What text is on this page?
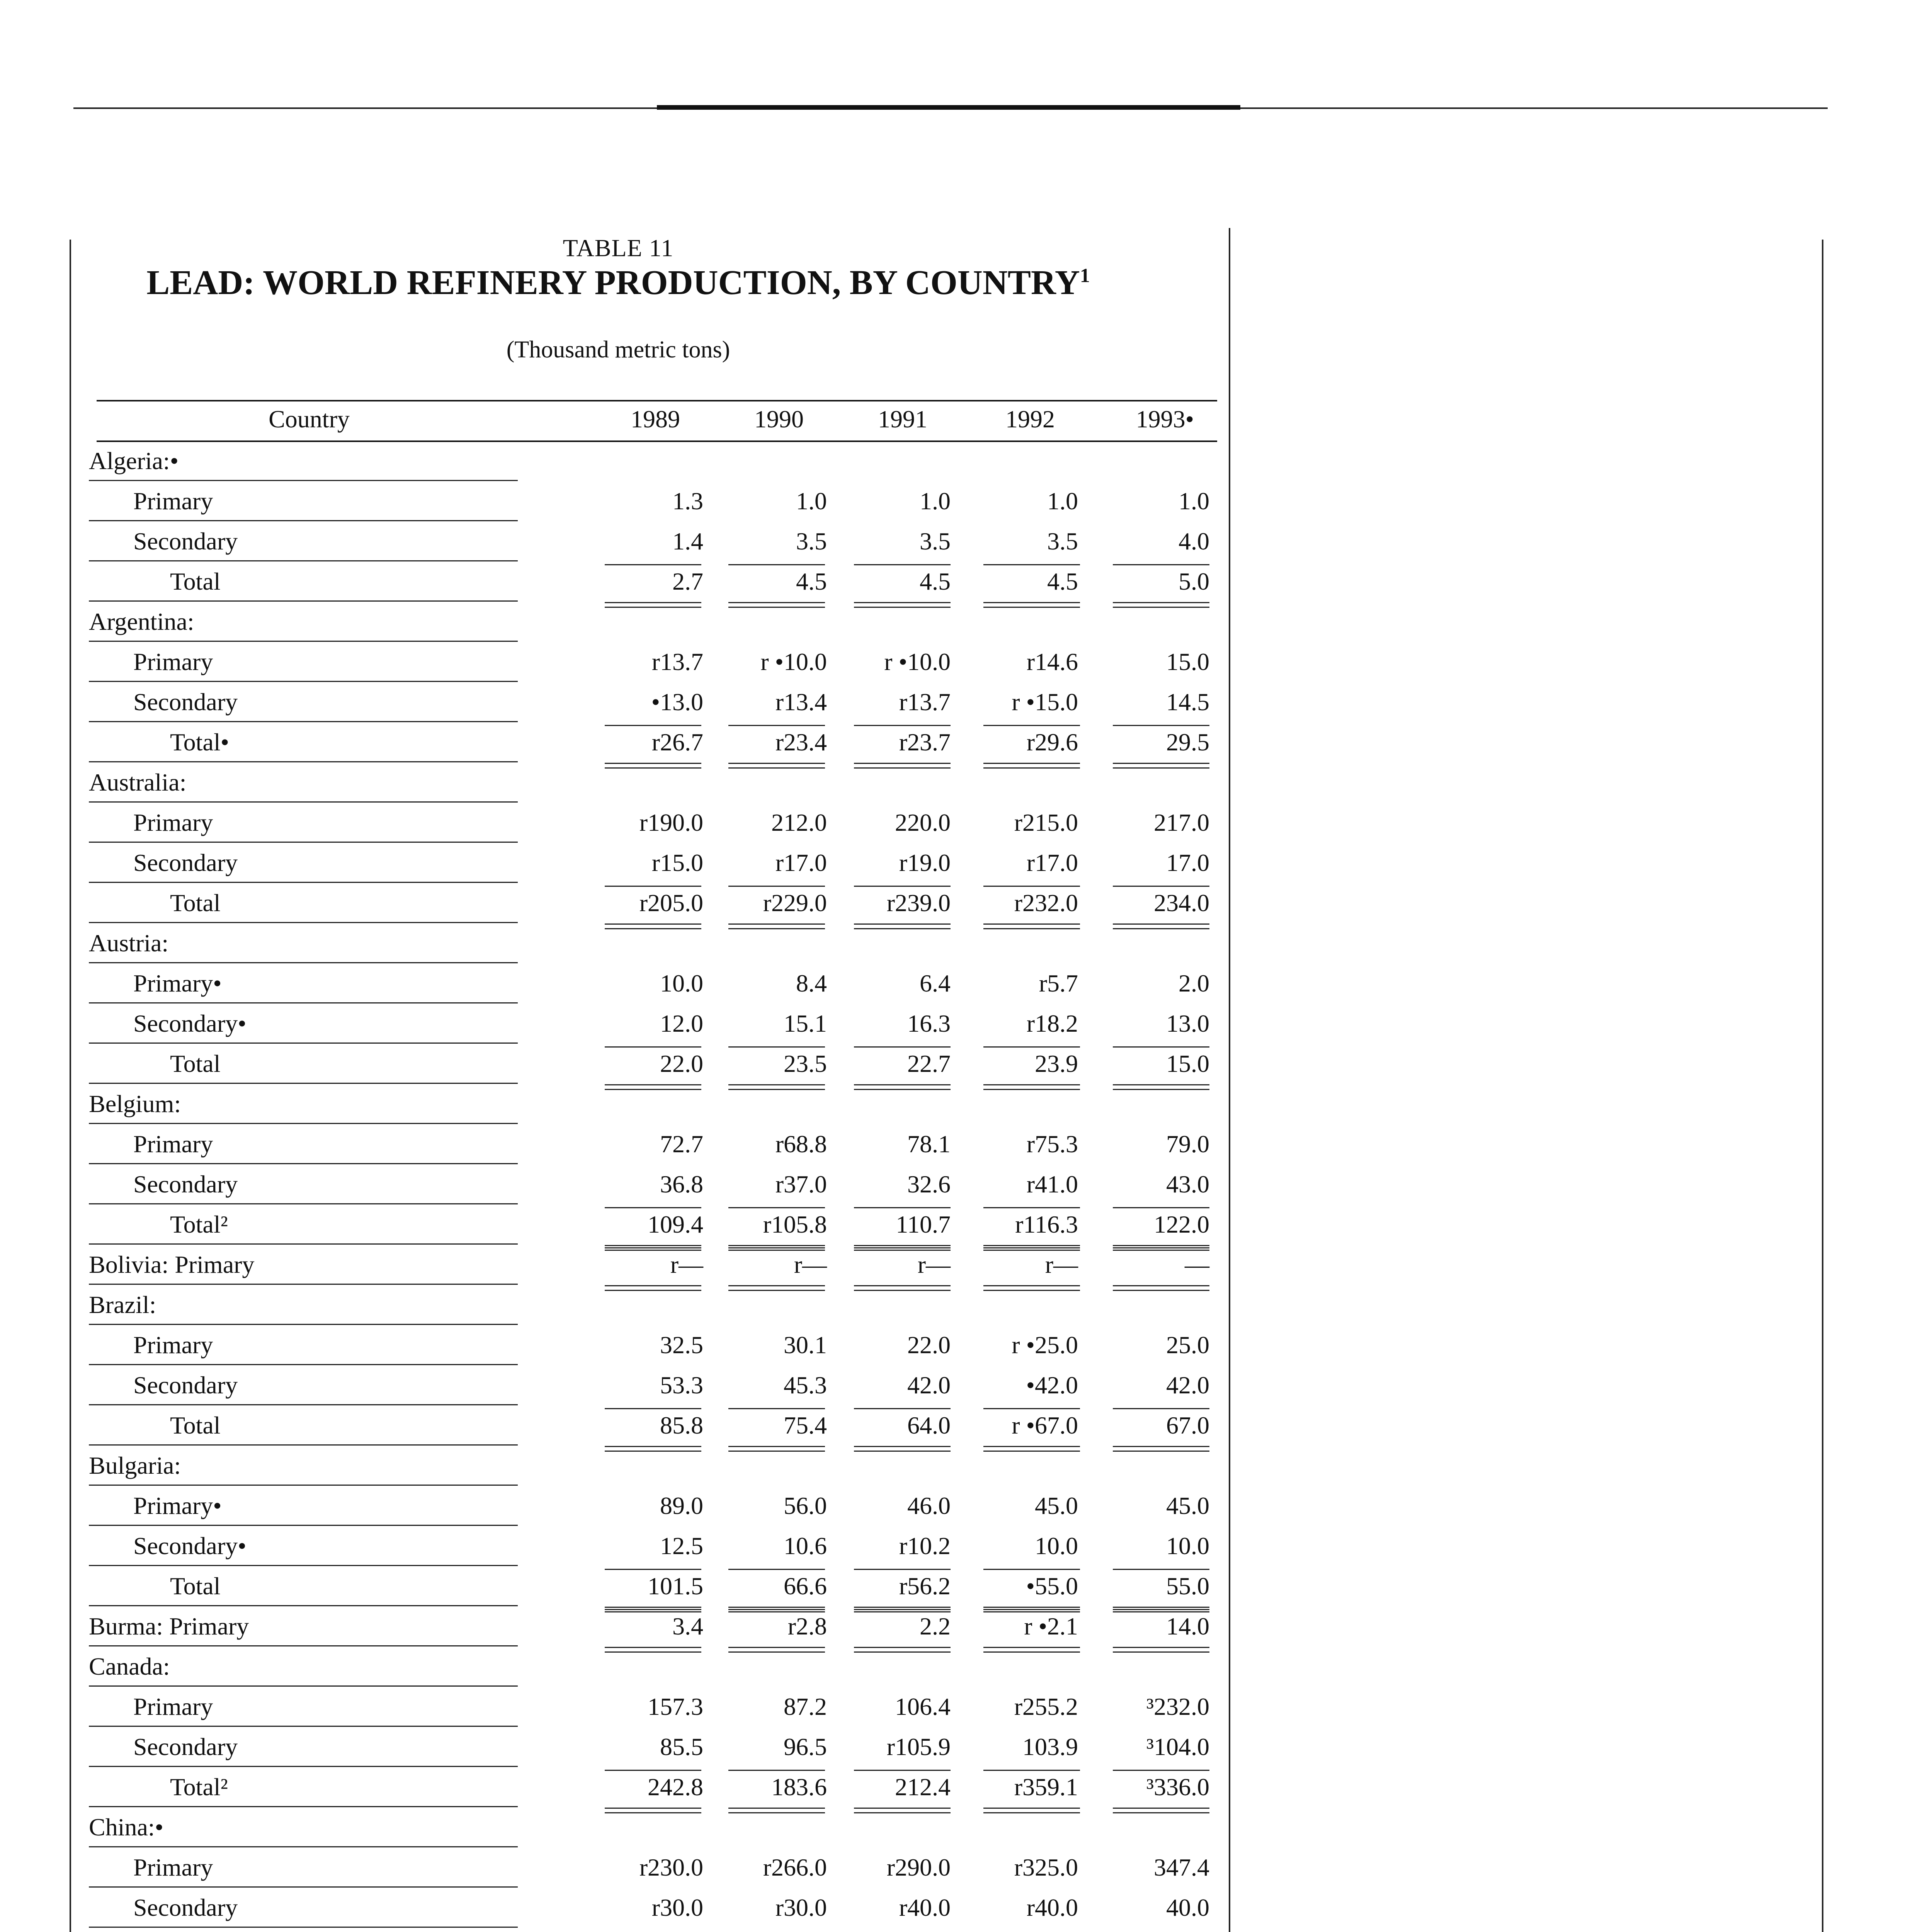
TABLE 11
LEAD: WORLD REFINERY PRODUCTION, BY COUNTRY$^1$
(Thousand metric tons)
Country	1989	1990	1991	1992	1993•
Algeria:•
Primary	1.3	1.0	1.0	1.0	1.0
Secondary	1.4	3.5	3.5	3.5	4.0
Total	2.7	4.5	4.5	4.5	5.0
Argentina:
Primary	r13.7	r •10.0	r •10.0	r14.6	15.0
Secondary	•13.0	r13.4	r13.7	r •15.0	14.5
Total•	r26.7	r23.4	r23.7	r29.6	29.5
Australia:
Primary	r190.0	212.0	220.0	r215.0	217.0
Secondary	r15.0	r17.0	r19.0	r17.0	17.0
Total	r205.0	r229.0	r239.0	r232.0	234.0
Austria:
Primary•	10.0	8.4	6.4	r5.7	2.0
Secondary•	12.0	15.1	16.3	r18.2	13.0
Total	22.0	23.5	22.7	23.9	15.0
Belgium:
Primary	72.7	r68.8	78.1	r75.3	79.0
Secondary	36.8	r37.0	32.6	r41.0	43.0
Total²	109.4	r105.8	110.7	r116.3	122.0
Bolivia: Primary	r—	r—	r—	r—	—
Brazil:
Primary	32.5	30.1	22.0	r •25.0	25.0
Secondary	53.3	45.3	42.0	•42.0	42.0
Total	85.8	75.4	64.0	r •67.0	67.0
Bulgaria:
Primary•	89.0	56.0	46.0	45.0	45.0
Secondary•	12.5	10.6	r10.2	10.0	10.0
Total	101.5	66.6	r56.2	•55.0	55.0
Burma: Primary	3.4	r2.8	2.2	r •2.1	14.0
Canada:
Primary	157.3	87.2	106.4	r255.2	³232.0
Secondary	85.5	96.5	r105.9	103.9	³104.0
Total²	242.8	183.6	212.4	r359.1	³336.0
China:•
Primary	r230.0	r266.0	r290.0	r325.0	347.4
Secondary	r30.0	r30.0	r40.0	r40.0	40.0
